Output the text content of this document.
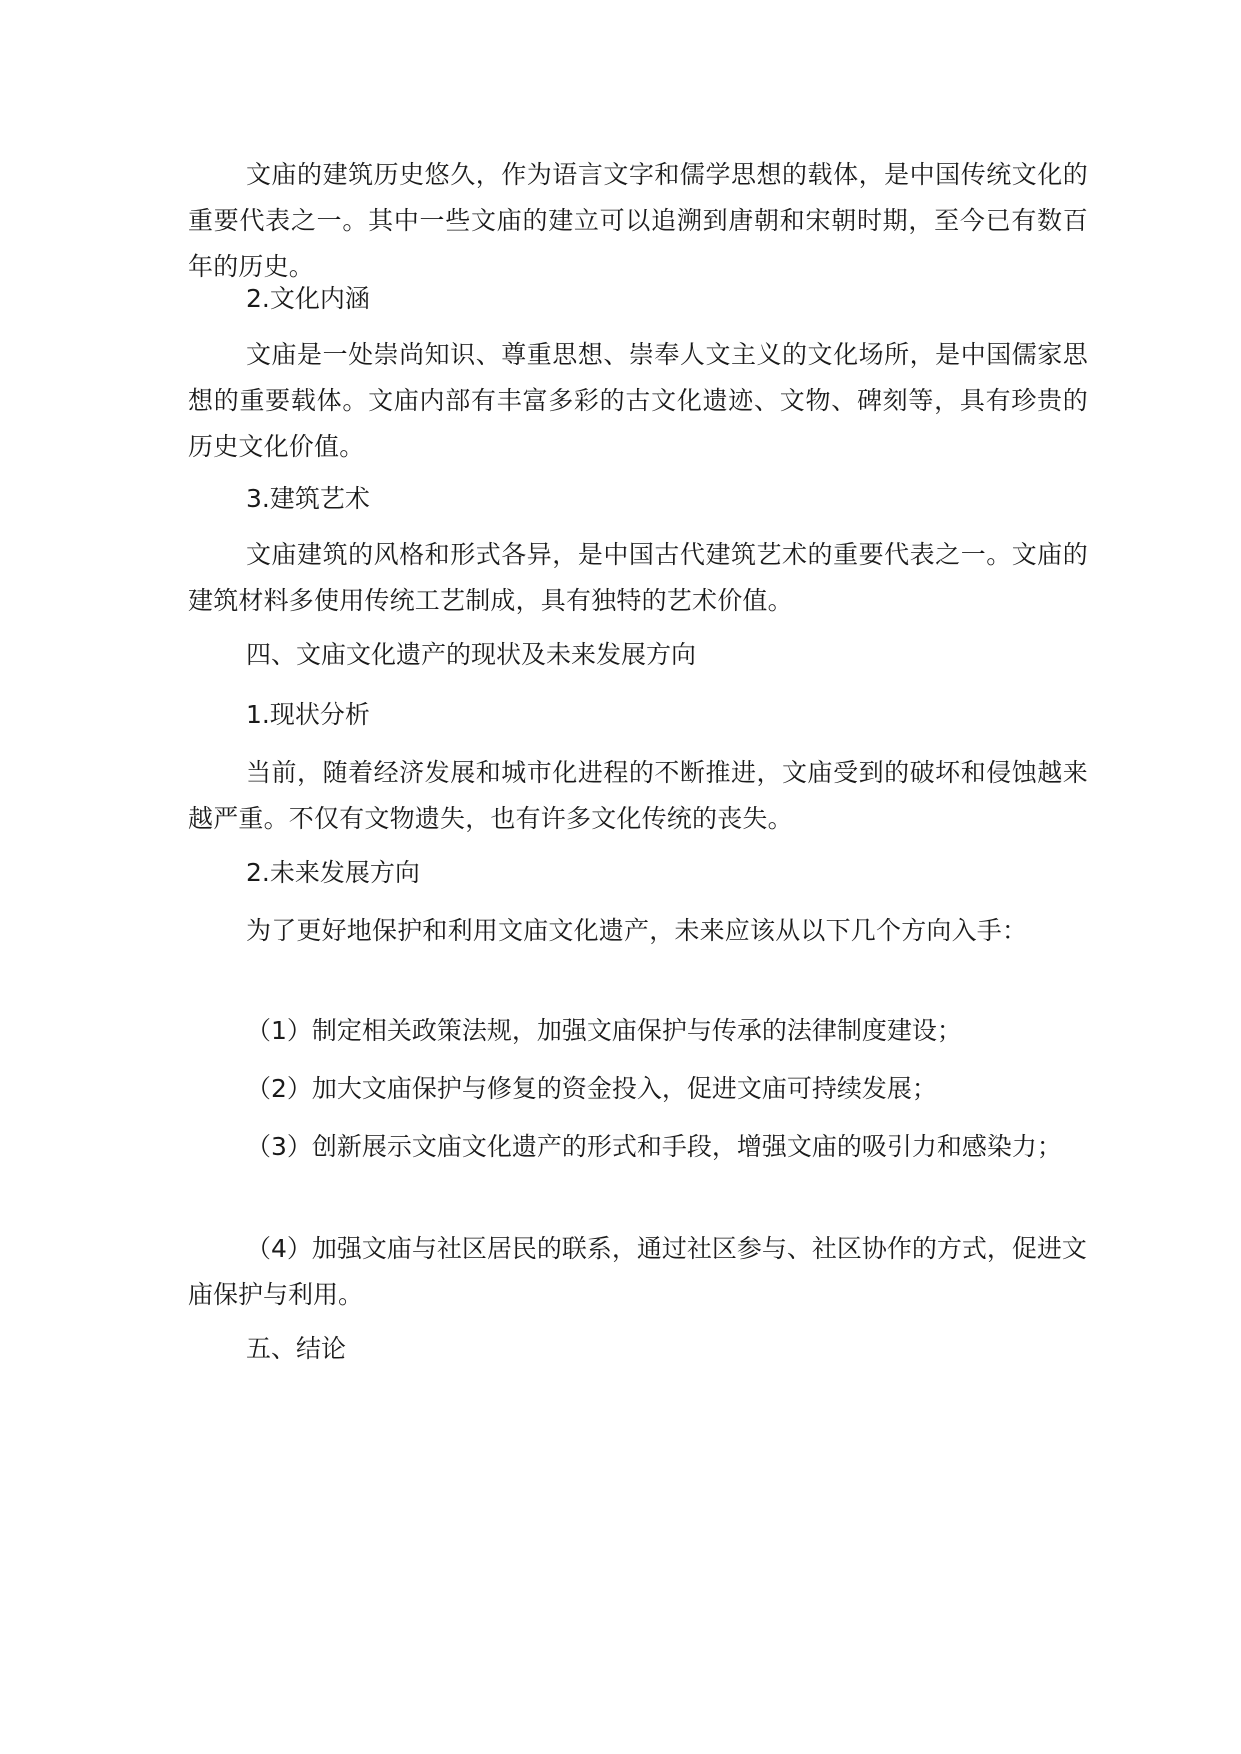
文庙的建筑历史悠久，作为语言文字和儒学思想的载体，是中国传统文化的重要代表之一。其中一些文庙的建立可以追溯到唐朝和宋朝时期，至今已有数百年的历史。

2.文化内涵

文庙是一处崇尚知识、尊重思想、崇奉人文主义的文化场所，是中国儒家思想的重要载体。文庙内部有丰富多彩的古文化遗迹、文物、碑刻等，具有珍贵的历史文化价值。

3.建筑艺术

文庙建筑的风格和形式各异，是中国古代建筑艺术的重要代表之一。文庙的建筑材料多使用传统工艺制成，具有独特的艺术价值。

四、文庙文化遗产的现状及未来发展方向

1.现状分析

当前，随着经济发展和城市化进程的不断推进，文庙受到的破坏和侵蚀越来越严重。不仅有文物遗失，也有许多文化传统的丧失。

2.未来发展方向

为了更好地保护和利用文庙文化遗产，未来应该从以下几个方向入手：

（1）制定相关政策法规，加强文庙保护与传承的法律制度建设；

（2）加大文庙保护与修复的资金投入，促进文庙可持续发展；

（3）创新展示文庙文化遗产的形式和手段，增强文庙的吸引力和感染力；

（4）加强文庙与社区居民的联系，通过社区参与、社区协作的方式，促进文庙保护与利用。

五、结论
